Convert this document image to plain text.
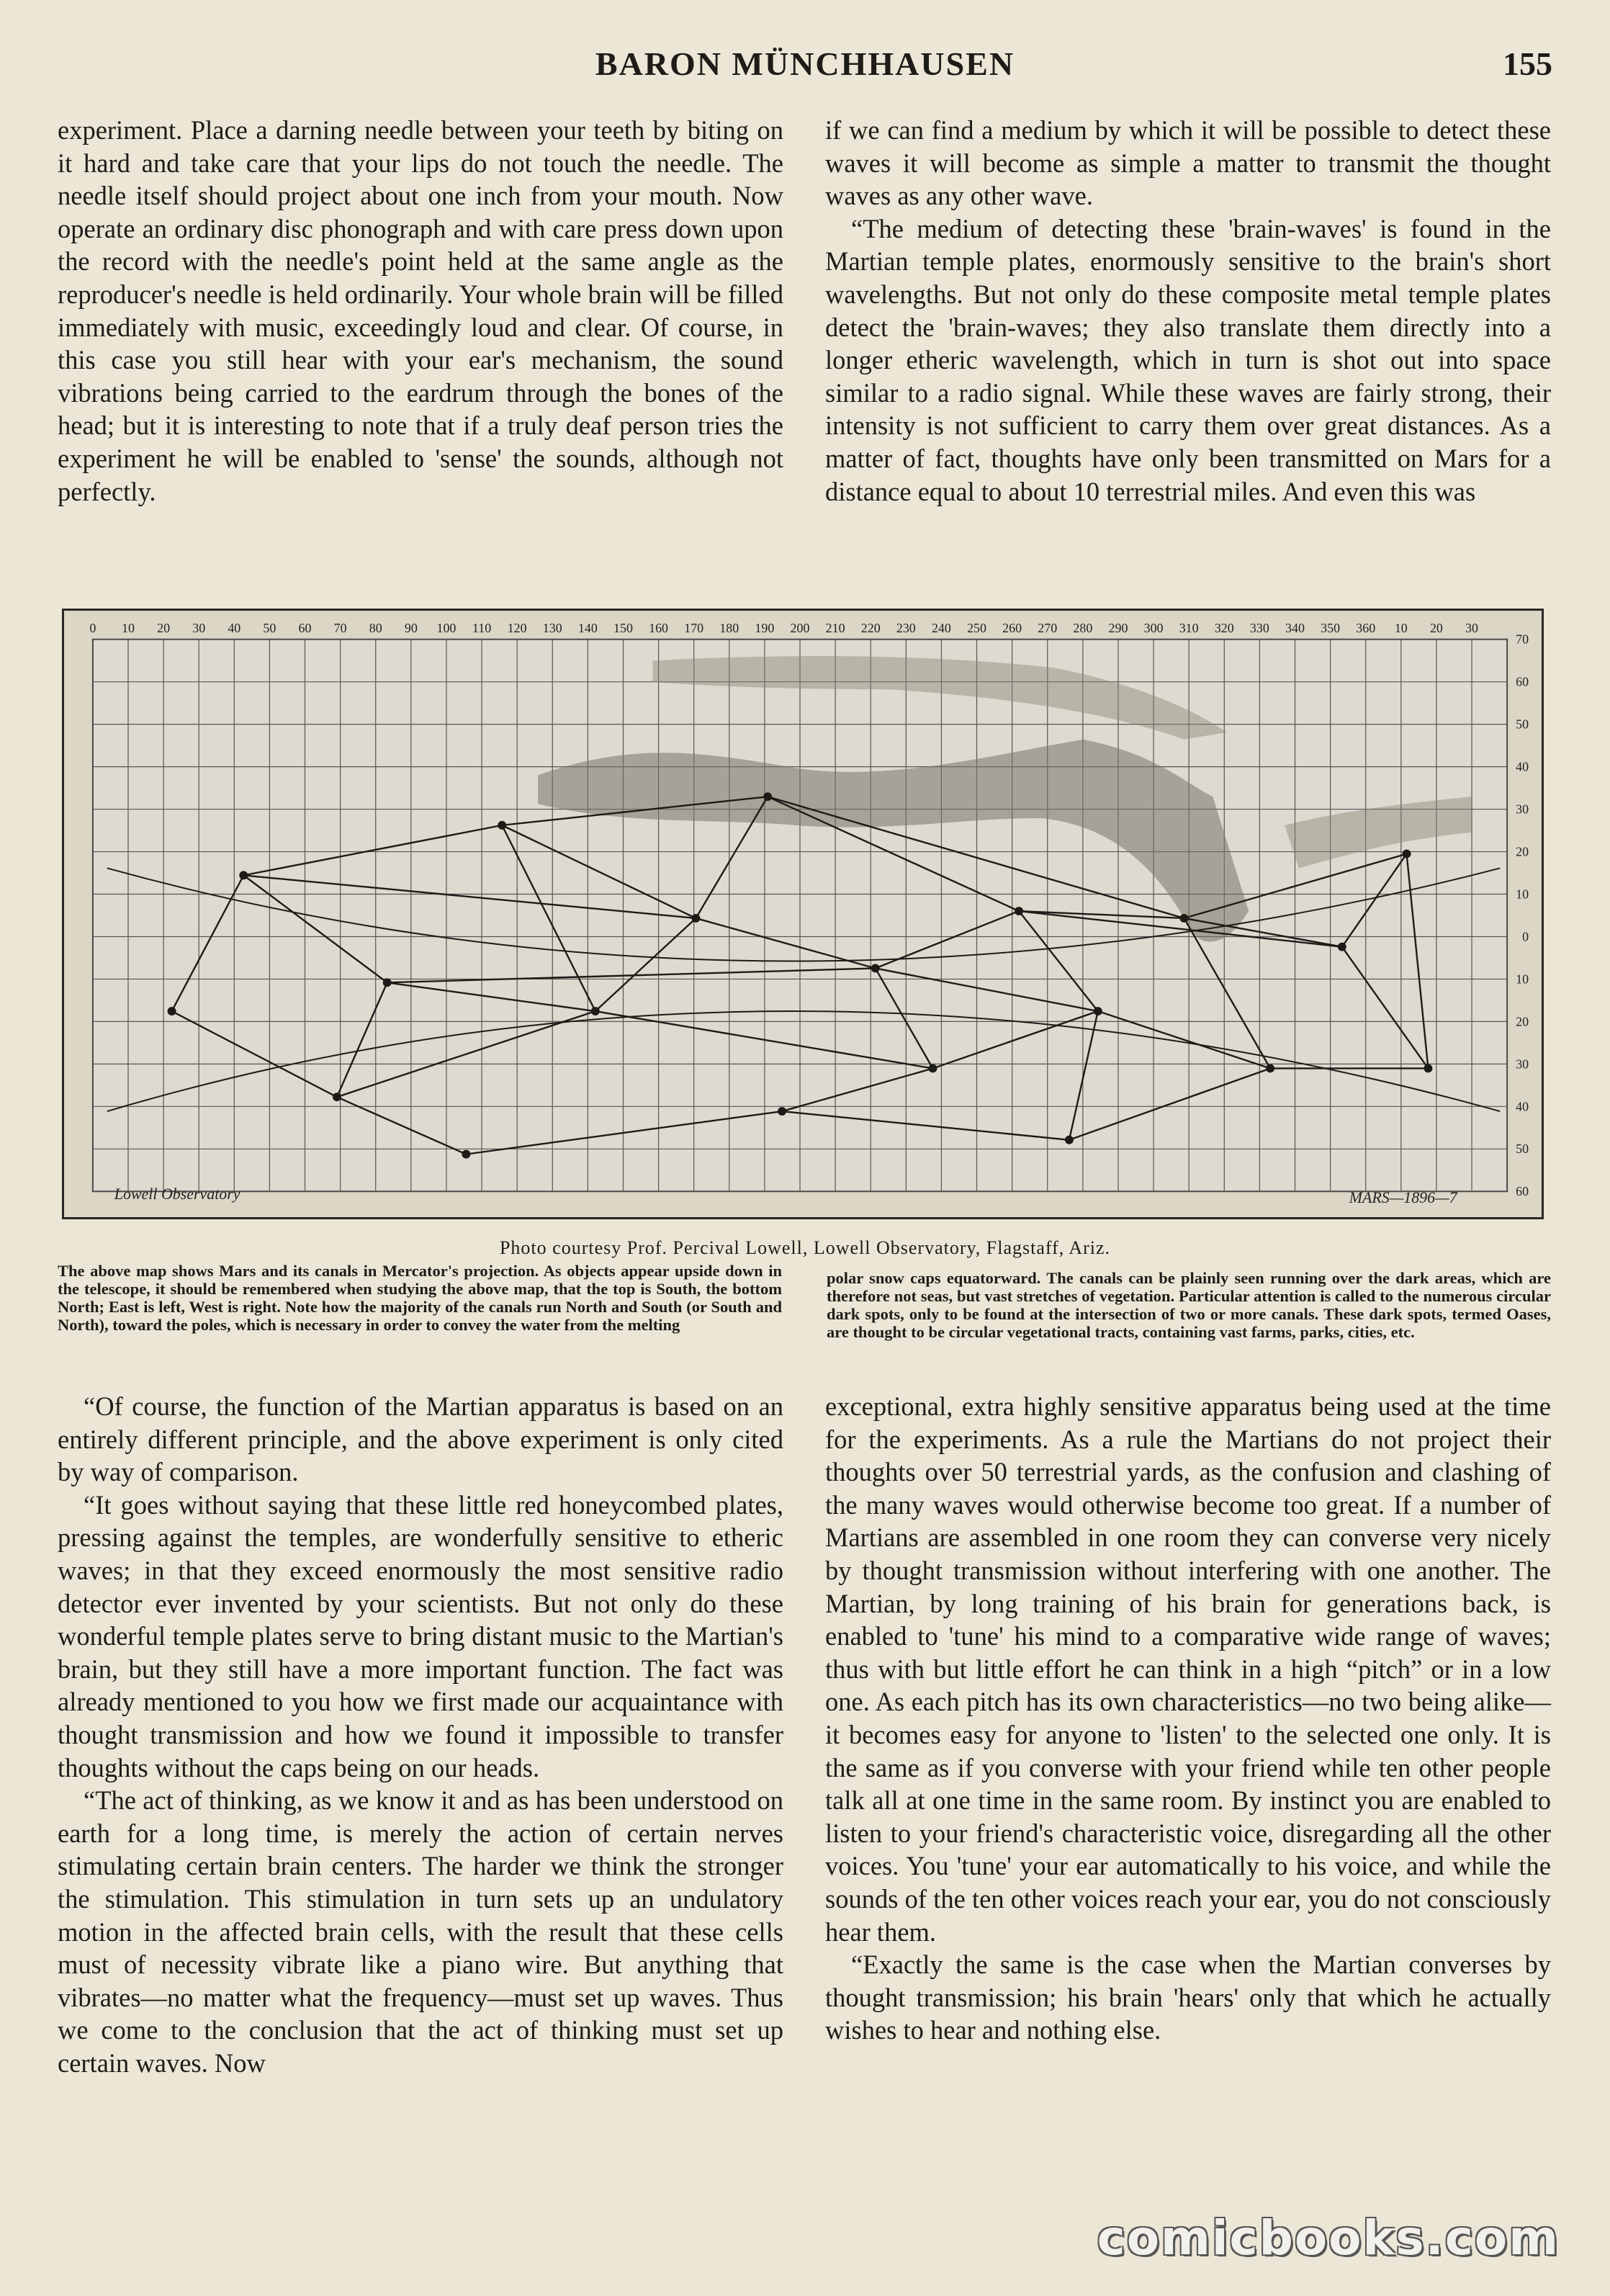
BARON MÜNCHHAUSEN	155

experiment. Place a darning needle between your teeth by biting on it hard and take care that your lips do not touch the needle. The needle itself should project about one inch from your mouth. Now operate an ordinary disc phonograph and with care press down upon the record with the needle's point held at the same angle as the reproducer's needle is held ordinarily. Your whole brain will be filled immediately with music, exceedingly loud and clear. Of course, in this case you still hear with your ear's mechanism, the sound vibrations being carried to the eardrum through the bones of the head; but it is interesting to note that if a truly deaf person tries the experiment he will be enabled to 'sense' the sounds, although not perfectly.

if we can find a medium by which it will be possible to detect these waves it will become as simple a matter to transmit the thought waves as any other wave.

“The medium of detecting these 'brain-waves' is found in the Martian temple plates, enormously sensitive to the brain's short wavelengths. But not only do these composite metal temple plates detect the 'brain-waves; they also translate them directly into a longer etheric wavelength, which in turn is shot out into space similar to a radio signal. While these waves are fairly strong, their intensity is not sufficient to carry them over great distances. As a matter of fact, thoughts have only been transmitted on Mars for a distance equal to about 10 terrestrial miles. And even this was

0 10 20 30 40 50 60 70 80 90 100 110 120 130 140 150 160 170 180 190 200 210 220 230 240 250 260 270 280 290 300 310 320 330 340 350 360 10 20 30
70
60
50
40
30
20
10
0
10
20
30
40
50
60
Lowell Observatory	MARS—1896—7
Photo courtesy Prof. Percival Lowell, Lowell Observatory, Flagstaff, Ariz.
The above map shows Mars and its canals in Mercator's projection. As objects appear upside down in the telescope, it should be remembered when studying the above map, that the top is South, the bottom North; East is left, West is right. Note how the majority of the canals run North and South (or South and North), toward the poles, which is necessary in order to convey the water from the melting
polar snow caps equatorward. The canals can be plainly seen running over the dark areas, which are therefore not seas, but vast stretches of vegetation. Particular attention is called to the numerous circular dark spots, only to be found at the intersection of two or more canals. These dark spots, termed Oases, are thought to be circular vegetational tracts, containing vast farms, parks, cities, etc.

“Of course, the function of the Martian apparatus is based on an entirely different principle, and the above experiment is only cited by way of comparison.

“It goes without saying that these little red honeycombed plates, pressing against the temples, are wonderfully sensitive to etheric waves; in that they exceed enormously the most sensitive radio detector ever invented by your scientists. But not only do these wonderful temple plates serve to bring distant music to the Martian's brain, but they still have a more important function. The fact was already mentioned to you how we first made our acquaintance with thought transmission and how we found it impossible to transfer thoughts without the caps being on our heads.

“The act of thinking, as we know it and as has been understood on earth for a long time, is merely the action of certain nerves stimulating certain brain centers. The harder we think the stronger the stimulation. This stimulation in turn sets up an undulatory motion in the affected brain cells, with the result that these cells must of necessity vibrate like a piano wire. But anything that vibrates—no matter what the frequency—must set up waves. Thus we come to the conclusion that the act of thinking must set up certain waves. Now

exceptional, extra highly sensitive apparatus being used at the time for the experiments. As a rule the Martians do not project their thoughts over 50 terrestrial yards, as the confusion and clashing of the many waves would otherwise become too great. If a number of Martians are assembled in one room they can converse very nicely by thought transmission without interfering with one another. The Martian, by long training of his brain for generations back, is enabled to 'tune' his mind to a comparative wide range of waves; thus with but little effort he can think in a high “pitch” or in a low one. As each pitch has its own characteristics—no two being alike—it becomes easy for anyone to 'listen' to the selected one only. It is the same as if you converse with your friend while ten other people talk all at one time in the same room. By instinct you are enabled to listen to your friend's characteristic voice, disregarding all the other voices. You 'tune' your ear automatically to his voice, and while the sounds of the ten other voices reach your ear, you do not consciously hear them.

“Exactly the same is the case when the Martian converses by thought transmission; his brain 'hears' only that which he actually wishes to hear and nothing else.

comicbooks.com
